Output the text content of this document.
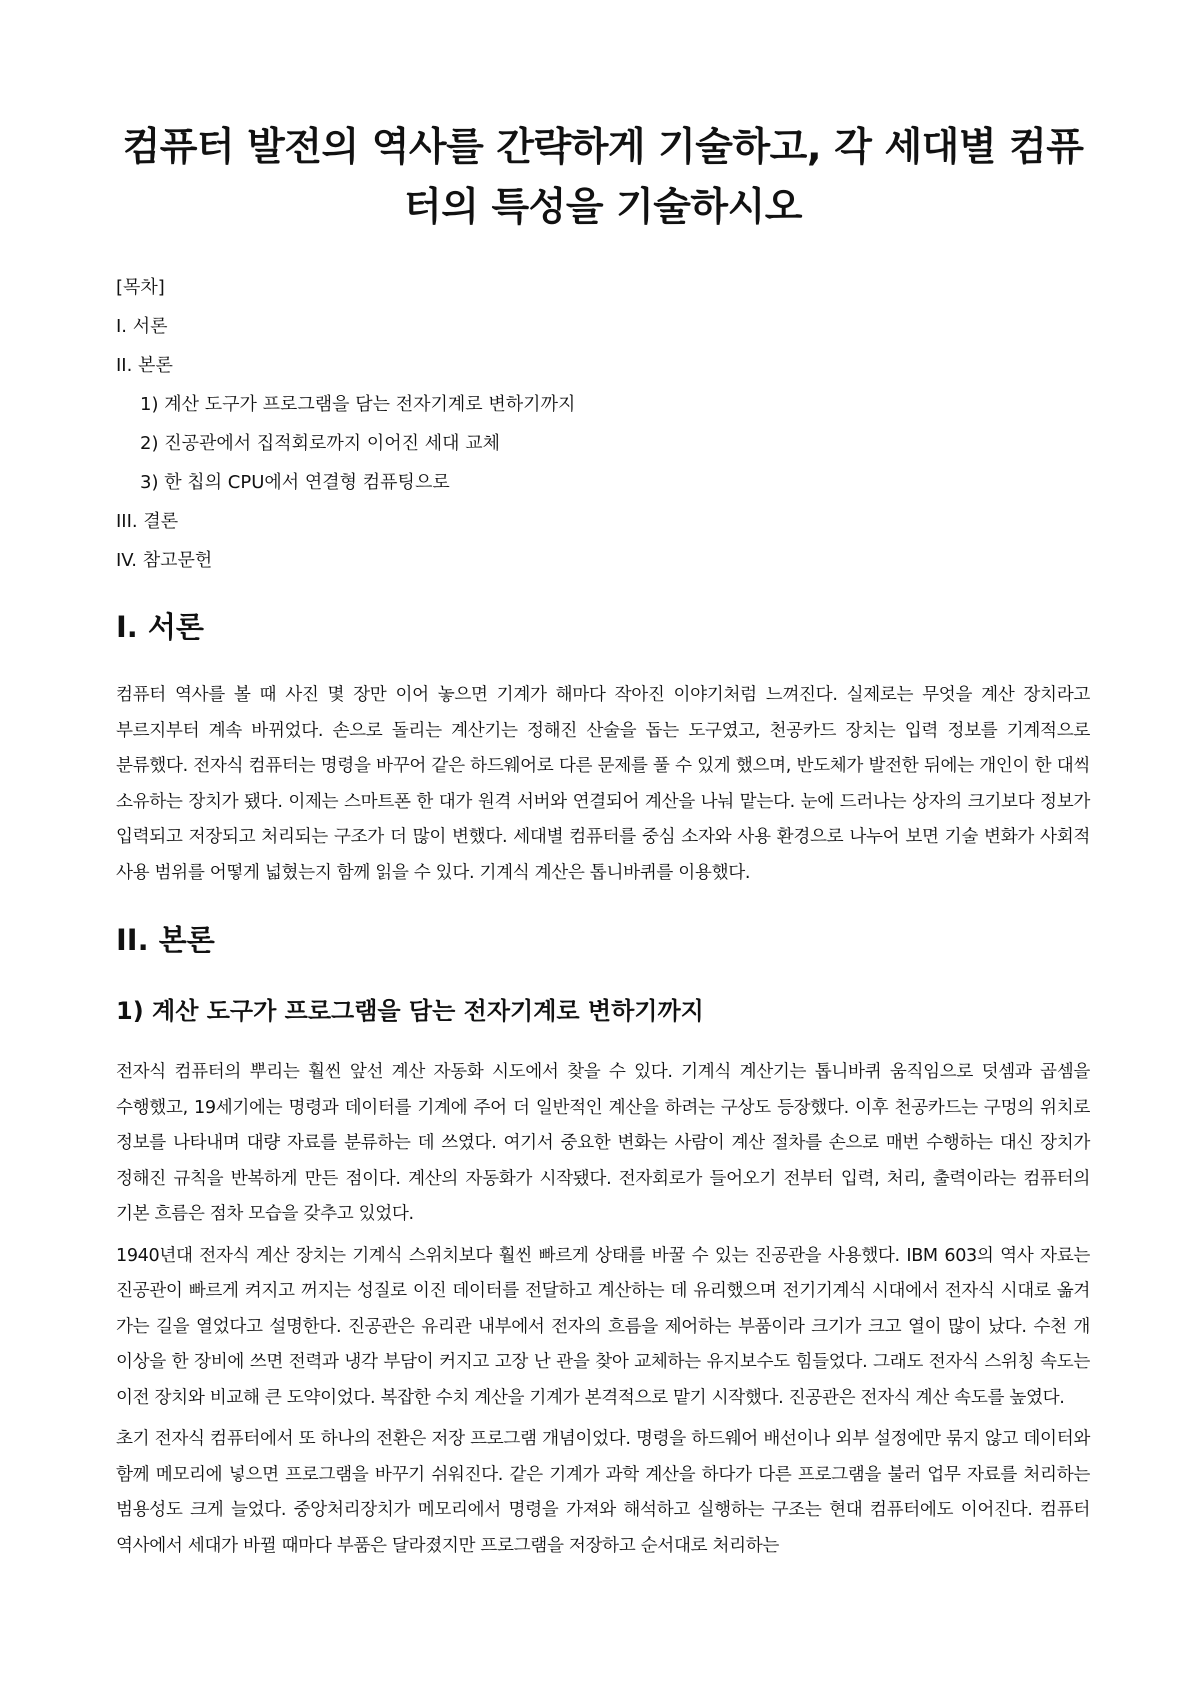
컴퓨터 발전의 역사를 간략하게 기술하고, 각 세대별 컴퓨터의 특성을 기술하시오
[목차]
I. 서론
II. 본론
1) 계산 도구가 프로그램을 담는 전자기계로 변하기까지
2) 진공관에서 집적회로까지 이어진 세대 교체
3) 한 칩의 CPU에서 연결형 컴퓨팅으로
III. 결론
IV. 참고문헌
I. 서론

컴퓨터 역사를 볼 때 사진 몇 장만 이어 놓으면 기계가 해마다 작아진 이야기처럼 느껴진다. 실제로는 무엇을 계산 장치라고 부르지부터 계속 바뀌었다. 손으로 돌리는 계산기는 정해진 산술을 돕는 도구였고, 천공카드 장치는 입력 정보를 기계적으로 분류했다. 전자식 컴퓨터는 명령을 바꾸어 같은 하드웨어로 다른 문제를 풀 수 있게 했으며, 반도체가 발전한 뒤에는 개인이 한 대씩 소유하는 장치가 됐다. 이제는 스마트폰 한 대가 원격 서버와 연결되어 계산을 나눠 맡는다. 눈에 드러나는 상자의 크기보다 정보가 입력되고 저장되고 처리되는 구조가 더 많이 변했다. 세대별 컴퓨터를 중심 소자와 사용 환경으로 나누어 보면 기술 변화가 사회적 사용 범위를 어떻게 넓혔는지 함께 읽을 수 있다. 기계식 계산은 톱니바퀴를 이용했다.

II. 본론
1) 계산 도구가 프로그램을 담는 전자기계로 변하기까지

전자식 컴퓨터의 뿌리는 훨씬 앞선 계산 자동화 시도에서 찾을 수 있다. 기계식 계산기는 톱니바퀴 움직임으로 덧셈과 곱셈을 수행했고, 19세기에는 명령과 데이터를 기계에 주어 더 일반적인 계산을 하려는 구상도 등장했다. 이후 천공카드는 구멍의 위치로 정보를 나타내며 대량 자료를 분류하는 데 쓰였다. 여기서 중요한 변화는 사람이 계산 절차를 손으로 매번 수행하는 대신 장치가 정해진 규칙을 반복하게 만든 점이다. 계산의 자동화가 시작됐다. 전자회로가 들어오기 전부터 입력, 처리, 출력이라는 컴퓨터의 기본 흐름은 점차 모습을 갖추고 있었다.

1940년대 전자식 계산 장치는 기계식 스위치보다 훨씬 빠르게 상태를 바꿀 수 있는 진공관을 사용했다. IBM 603의 역사 자료는 진공관이 빠르게 켜지고 꺼지는 성질로 이진 데이터를 전달하고 계산하는 데 유리했으며 전기기계식 시대에서 전자식 시대로 옮겨 가는 길을 열었다고 설명한다. 진공관은 유리관 내부에서 전자의 흐름을 제어하는 부품이라 크기가 크고 열이 많이 났다. 수천 개 이상을 한 장비에 쓰면 전력과 냉각 부담이 커지고 고장 난 관을 찾아 교체하는 유지보수도 힘들었다. 그래도 전자식 스위칭 속도는 이전 장치와 비교해 큰 도약이었다. 복잡한 수치 계산을 기계가 본격적으로 맡기 시작했다. 진공관은 전자식 계산 속도를 높였다.

초기 전자식 컴퓨터에서 또 하나의 전환은 저장 프로그램 개념이었다. 명령을 하드웨어 배선이나 외부 설정에만 묶지 않고 데이터와 함께 메모리에 넣으면 프로그램을 바꾸기 쉬워진다. 같은 기계가 과학 계산을 하다가 다른 프로그램을 불러 업무 자료를 처리하는 범용성도 크게 늘었다. 중앙처리장치가 메모리에서 명령을 가져와 해석하고 실행하는 구조는 현대 컴퓨터에도 이어진다. 컴퓨터 역사에서 세대가 바뀔 때마다 부품은 달라졌지만 프로그램을 저장하고 순서대로 처리하는
